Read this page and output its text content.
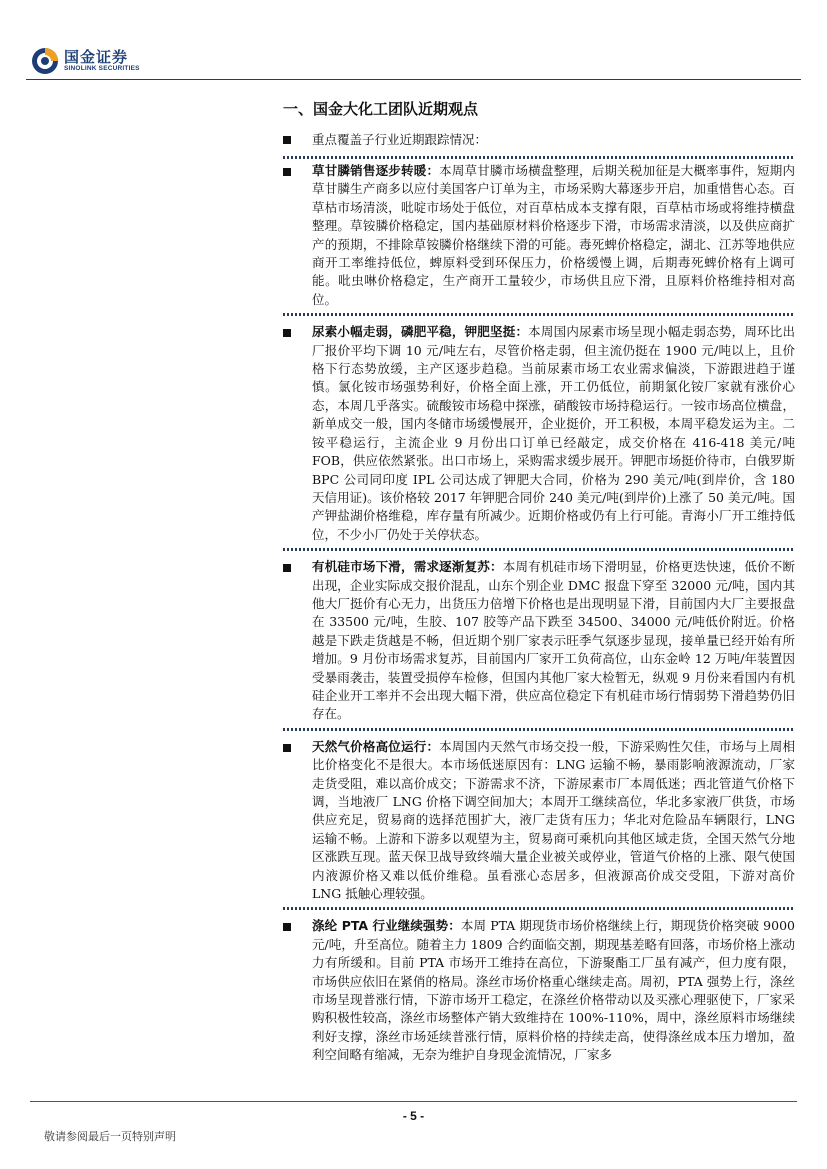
国金证券
SINOLINK SECURITIES
一、国金大化工团队近期观点
重点覆盖子行业近期跟踪情况：

草甘膦销售逐步转暖：本周草甘膦市场横盘整理，后期关税加征是大概率事件，短期内草甘膦生产商多以应付美国客户订单为主，市场采购大幕逐步开启，加重惜售心态。百草枯市场清淡，吡啶市场处于低位，对百草枯成本支撑有限，百草枯市场或将维持横盘整理。草铵膦价格稳定，国内基础原材料价格逐步下滑，市场需求清淡，以及供应商扩产的预期，不排除草铵膦价格继续下滑的可能。毒死蜱价格稳定，湖北、江苏等地供应商开工率维持低位，蜱原料受到环保压力，价格缓慢上调，后期毒死蜱价格有上调可能。吡虫啉价格稳定，生产商开工量较少，市场供且应下滑，且原料价格维持相对高位。

尿素小幅走弱，磷肥平稳，钾肥坚挺：本周国内尿素市场呈现小幅走弱态势，周环比出厂报价平均下调 10 元/吨左右，尽管价格走弱，但主流仍挺在 1900 元/吨以上，且价格下行态势放缓，主产区逐步趋稳。当前尿素市场工农业需求偏淡，下游跟进趋于谨慎。氯化铵市场强势利好，价格全面上涨，开工仍低位，前期氯化铵厂家就有涨价心态，本周几乎落实。硫酸铵市场稳中探涨，硝酸铵市场持稳运行。一铵市场高位横盘，新单成交一般，国内冬储市场缓慢展开，企业挺价，开工积极，本周平稳发运为主。二铵平稳运行，主流企业 9 月份出口订单已经敲定，成交价格在 416-418 美元/吨 FOB，供应依然紧张。出口市场上，采购需求缓步展开。钾肥市场挺价待市，白俄罗斯 BPC 公司同印度 IPL 公司达成了钾肥大合同，价格为 290 美元/吨(到岸价，含 180 天信用证)。该价格较 2017 年钾肥合同价 240 美元/吨(到岸价)上涨了 50 美元/吨。国产钾盐湖价格维稳，库存量有所减少。近期价格或仍有上行可能。青海小厂开工维持低位，不少小厂仍处于关停状态。

有机硅市场下滑，需求逐渐复苏：本周有机硅市场下滑明显，价格更迭快速，低价不断出现，企业实际成交报价混乱，山东个别企业 DMC 报盘下穿至 32000 元/吨，国内其他大厂挺价有心无力，出货压力倍增下价格也是出现明显下滑，目前国内大厂主要报盘在 33500 元/吨，生胶、107 胶等产品下跌至 34500、34000 元/吨低价附近。价格越是下跌走货越是不畅，但近期个别厂家表示旺季气氛逐步显现，接单量已经开始有所增加。9 月份市场需求复苏，目前国内厂家开工负荷高位，山东金岭 12 万吨/年装置因受暴雨袭击，装置受损停车检修，但国内其他厂家大检暂无，纵观 9 月份来看国内有机硅企业开工率并不会出现大幅下滑，供应高位稳定下有机硅市场行情弱势下滑趋势仍旧存在。

天然气价格高位运行：本周国内天然气市场交投一般，下游采购性欠佳，市场与上周相比价格变化不是很大。本市场低迷原因有：LNG 运输不畅，暴雨影响液源流动，厂家走货受阻，难以高价成交；下游需求不济，下游尿素市厂本周低迷；西北管道气价格下调，当地液厂 LNG 价格下调空间加大；本周开工继续高位，华北多家液厂供货，市场供应充足，贸易商的选择范围扩大，液厂走货有压力；华北对危险品车辆限行，LNG 运输不畅。上游和下游多以观望为主，贸易商可乘机向其他区域走货，全国天然气分地区涨跌互现。蓝天保卫战导致终端大量企业被关或停业，管道气价格的上涨、限气使国内液源价格又难以低价维稳。虽看涨心态居多，但液源高价成交受阻，下游对高价 LNG 抵触心理较强。

涤纶 PTA 行业继续强势：本周 PTA 期现货市场价格继续上行，期现货价格突破 9000 元/吨，升至高位。随着主力 1809 合约面临交割，期现基差略有回落，市场价格上涨动力有所缓和。目前 PTA 市场开工维持在高位，下游聚酯工厂虽有减产，但力度有限，市场供应依旧在紧俏的格局。涤丝市场价格重心继续走高。周初，PTA 强势上行，涤丝市场呈现普涨行情，下游市场开工稳定，在涤丝价格带动以及买涨心理驱使下，厂家采购积极性较高，涤丝市场整体产销大致维持在 100%-110%，周中，涤丝原料市场继续利好支撑，涤丝市场延续普涨行情，原料价格的持续走高，使得涤丝成本压力增加，盈利空间略有缩减，无奈为维护自身现金流情况，厂家多

- 5 -
敬请参阅最后一页特别声明
